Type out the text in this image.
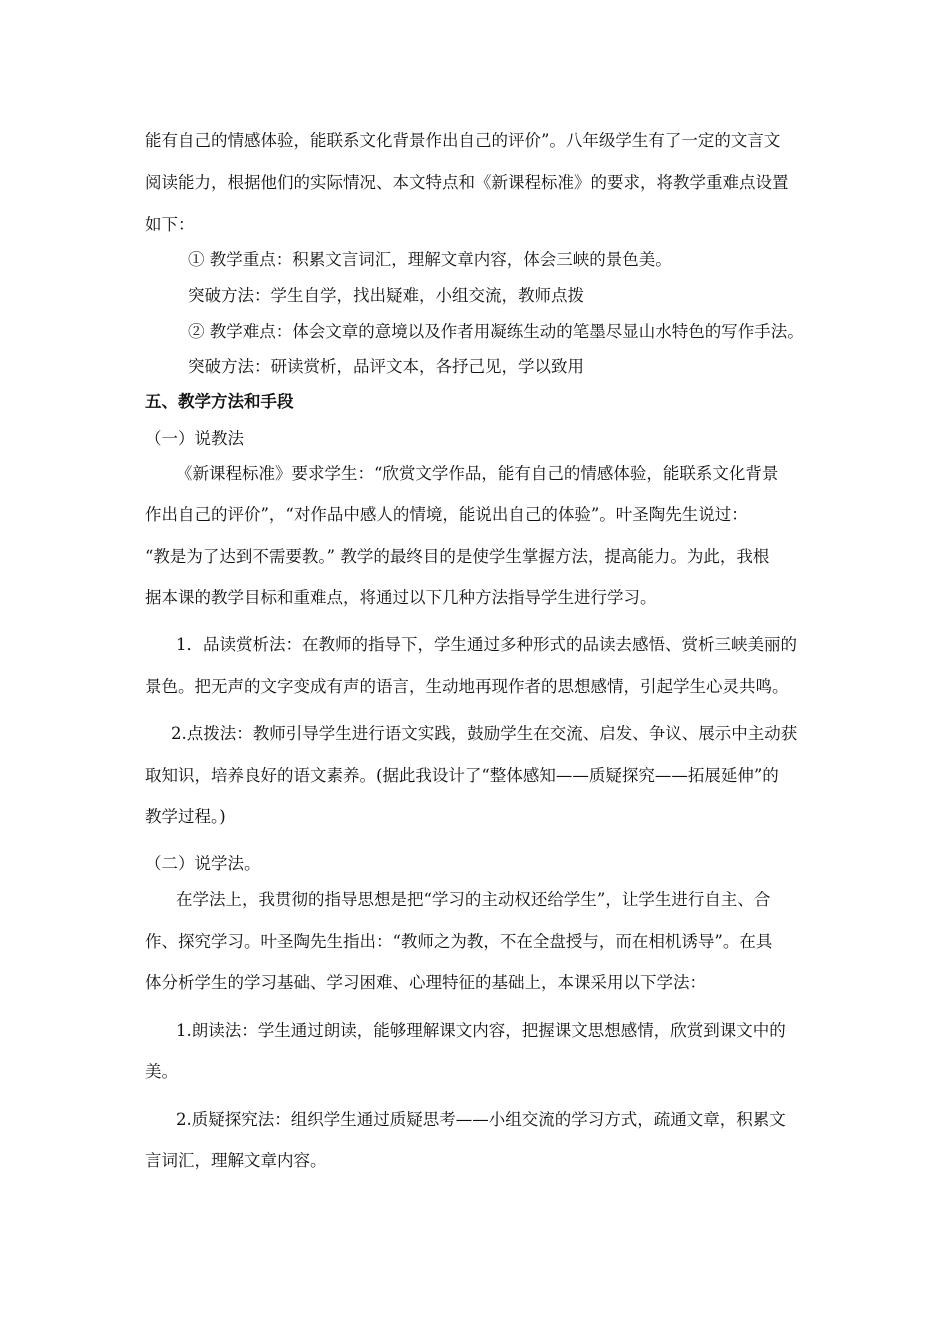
能有自己的情感体验，能联系文化背景作出自己的评价”。八年级学生有了一定的文言文
阅读能力，根据他们的实际情况、本文特点和《新课程标准》的要求，将教学重难点设置
如下：
① 教学重点：积累文言词汇，理解文章内容，体会三峡的景色美。
突破方法：学生自学，找出疑难，小组交流，教师点拨
② 教学难点：体会文章的意境以及作者用凝练生动的笔墨尽显山水特色的写作手法。
突破方法：研读赏析，品评文本，各抒己见，学以致用
五、教学方法和手段
（一）说教法
《新课程标准》要求学生：“欣赏文学作品，能有自己的情感体验，能联系文化背景
作出自己的评价”，“对作品中感人的情境，能说出自己的体验”。叶圣陶先生说过：
“教是为了达到不需要教。” 教学的最终目的是使学生掌握方法，提高能力。为此，我根
据本课的教学目标和重难点，将通过以下几种方法指导学生进行学习。
1．品读赏析法：在教师的指导下，学生通过多种形式的品读去感悟、赏析三峡美丽的
景色。把无声的文字变成有声的语言，生动地再现作者的思想感情，引起学生心灵共鸣。
2.点拨法：教师引导学生进行语文实践，鼓励学生在交流、启发、争议、展示中主动获
取知识，培养良好的语文素养。(据此我设计了“整体感知——质疑探究——拓展延伸”的
教学过程。)
（二）说学法。
在学法上，我贯彻的指导思想是把“学习的主动权还给学生”，让学生进行自主、合
作、探究学习。叶圣陶先生指出：“教师之为教，不在全盘授与，而在相机诱导”。在具
体分析学生的学习基础、学习困难、心理特征的基础上，本课采用以下学法：
1.朗读法：学生通过朗读，能够理解课文内容，把握课文思想感情，欣赏到课文中的
美。
2.质疑探究法：组织学生通过质疑思考——小组交流的学习方式，疏通文章，积累文
言词汇，理解文章内容。
